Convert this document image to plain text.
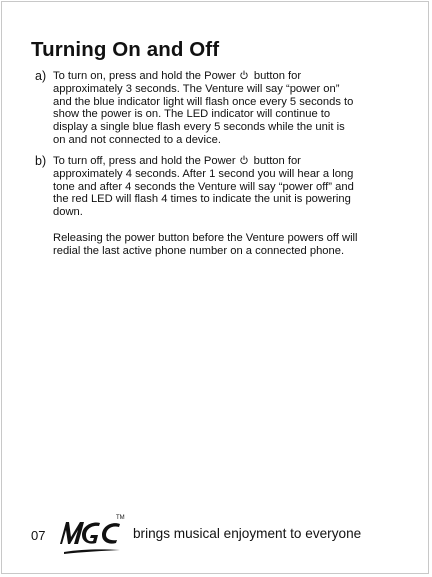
Turning On and Off
a) To turn on, press and hold the Power button for
approximately 3 seconds. The Venture will say “power on”
and the blue indicator light will flash once every 5 seconds to
show the power is on. The LED indicator will continue to
display a single blue flash every 5 seconds while the unit is
on and not connected to a device.
b) To turn off, press and hold the Power button for
approximately 4 seconds. After 1 second you will hear a long
tone and after 4 seconds the Venture will say “power off” and
the red LED will flash 4 times to indicate the unit is powering
down.
Releasing the power button before the Venture powers off will
redial the last active phone number on a connected phone.
07
TM
brings musical enjoyment to everyone
